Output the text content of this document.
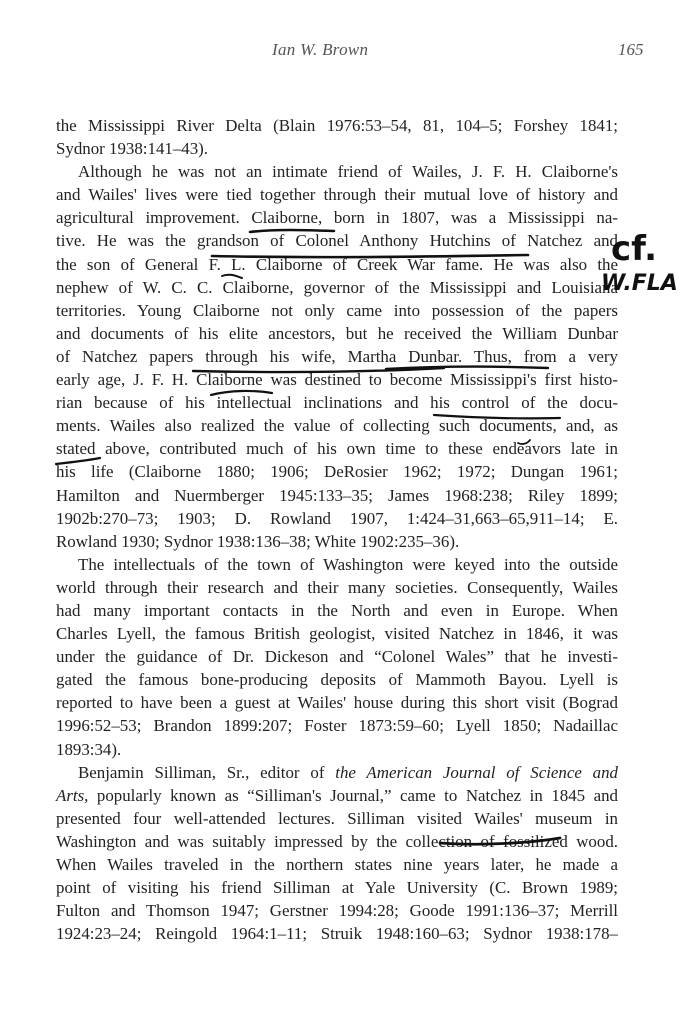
Ian W. Brown	165
the Mississippi River Delta (Blain 1976:53–54, 81, 104–5; Forshey 1841;
Sydnor 1938:141–43).
Although he was not an intimate friend of Wailes, J. F. H. Claiborne's
and Wailes' lives were tied together through their mutual love of history and
agricultural improvement. Claiborne, born in 1807, was a Mississippi na-
tive. He was the grandson of Colonel Anthony Hutchins of Natchez and
the son of General F. L. Claiborne of Creek War fame. He was also the
nephew of W. C. C. Claiborne, governor of the Mississippi and Louisiana
territories. Young Claiborne not only came into possession of the papers
and documents of his elite ancestors, but he received the William Dunbar
of Natchez papers through his wife, Martha Dunbar. Thus, from a very
early age, J. F. H. Claiborne was destined to become Mississippi's first histo-
rian because of his intellectual inclinations and his control of the docu-
ments. Wailes also realized the value of collecting such documents, and, as
stated above, contributed much of his own time to these endeavors late in
his life (Claiborne 1880; 1906; DeRosier 1962; 1972; Dungan 1961;
Hamilton and Nuermberger 1945:133–35; James 1968:238; Riley 1899;
1902b:270–73; 1903; D. Rowland 1907, 1:424–31,663–65,911–14; E.
Rowland 1930; Sydnor 1938:136–38; White 1902:235–36).
The intellectuals of the town of Washington were keyed into the outside
world through their research and their many societies. Consequently, Wailes
had many important contacts in the North and even in Europe. When
Charles Lyell, the famous British geologist, visited Natchez in 1846, it was
under the guidance of Dr. Dickeson and “Colonel Wales” that he investi-
gated the famous bone-producing deposits of Mammoth Bayou. Lyell is
reported to have been a guest at Wailes' house during this short visit (Bograd
1996:52–53; Brandon 1899:207; Foster 1873:59–60; Lyell 1850; Nadaillac
1893:34).
Benjamin Silliman, Sr., editor of the American Journal of Science and
Arts, popularly known as “Silliman's Journal,” came to Natchez in 1845 and
presented four well-attended lectures. Silliman visited Wailes' museum in
Washington and was suitably impressed by the collection of fossilized wood.
When Wailes traveled in the northern states nine years later, he made a
point of visiting his friend Silliman at Yale University (C. Brown 1989;
Fulton and Thomson 1947; Gerstner 1994:28; Goode 1991:136–37; Merrill
1924:23–24; Reingold 1964:1–11; Struik 1948:160–63; Sydnor 1938:178–
cf.
W.FLA
